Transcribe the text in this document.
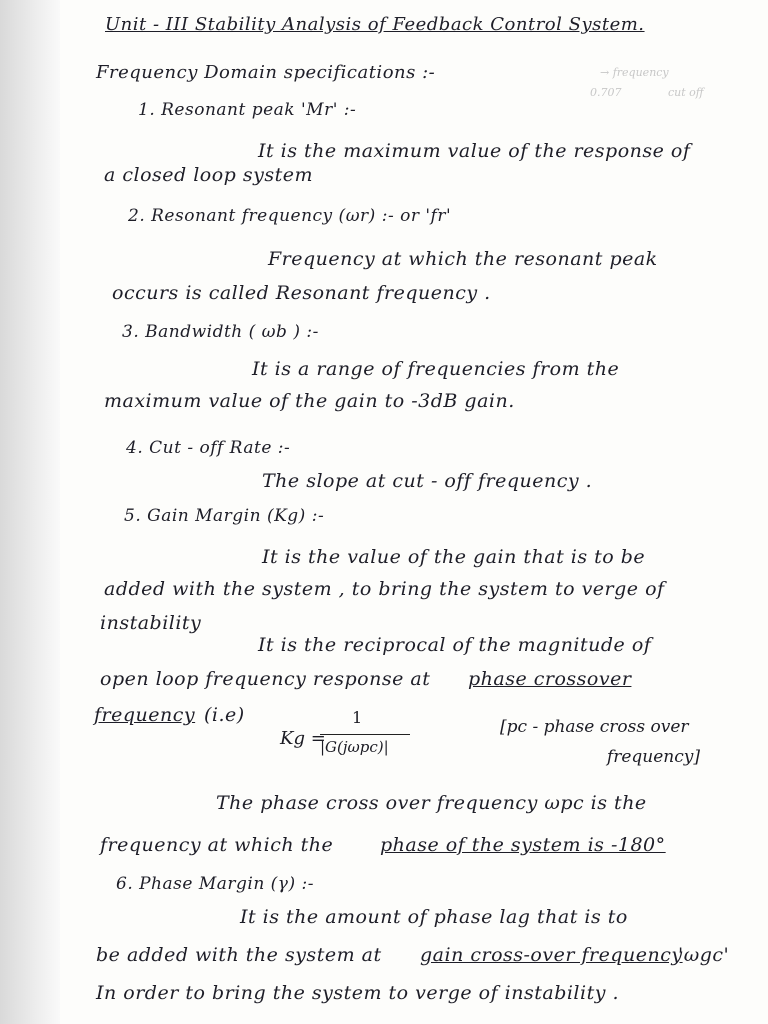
Unit - III Stability Analysis of Feedback Control System.
→ frequency
0.707	cut off
Frequency Domain specifications :-
1. Resonant peak 'Mr' :-
It is the maximum value of the response of
a closed loop system
2. Resonant frequency (ωr) :- or 'fr'
Frequency at which the resonant peak
occurs is called Resonant frequency .
3. Bandwidth ( ωb ) :-
It is a range of frequencies from the
maximum value of the gain to -3dB gain.
4. Cut - off Rate :-
The slope at cut - off frequency .
5. Gain Margin (Kg) :-
It is the value of the gain that is to be
added with the system , to bring the system to verge of
instability
It is the reciprocal of the magnitude of
open loop frequency response at phase crossover
frequency (i.e)
Kg =
1
|G(jωpc)|
[pc - phase cross over
frequency]
The phase cross over frequency ωpc is the
frequency at which the phase of the system is -180°
6. Phase Margin (γ) :-
It is the amount of phase lag that is to
be added with the system at gain cross-over frequency
'ωgc'
In order to bring the system to verge of instability .
